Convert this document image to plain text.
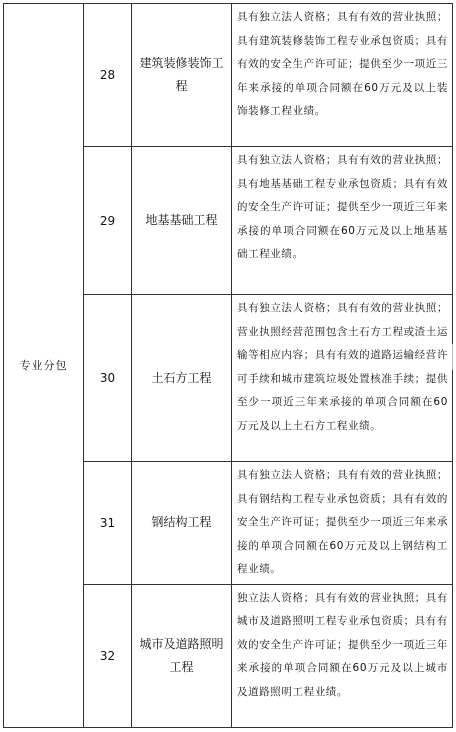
专业分包	28	建筑装修装饰工程	具有独立法人资格；具有有效的营业执照；具有建筑装修装饰工程专业承包资质；具有有效的安全生产许可证；提供至少一项近三年来承接的单项合同额在60万元及以上装饰装修工程业绩。
	29	地基基础工程	具有独立法人资格；具有有效的营业执照；具有地基基础工程专业承包资质；具有有效的安全生产许可证；提供至少一项近三年来承接的单项合同额在60万元及以上地基基础工程业绩。
	30	土石方工程	具有独立法人资格；具有有效的营业执照；营业执照经营范围包含土石方工程或渣土运输等相应内容；具有有效的道路运输经营许可手续和城市建筑垃圾处置核准手续；提供至少一项近三年来承接的单项合同额在60万元及以上土石方工程业绩。
	31	钢结构工程	具有独立法人资格；具有有效的营业执照；具有钢结构工程专业承包资质；具有有效的安全生产许可证；提供至少一项近三年来承接的单项合同额在60万元及以上钢结构工程业绩。
	32	城市及道路照明工程	独立法人资格；具有有效的营业执照；具有城市及道路照明工程专业承包资质；具有有效的安全生产许可证；提供至少一项近三年来承接的单项合同额在60万元及以上城市及道路照明工程业绩。
